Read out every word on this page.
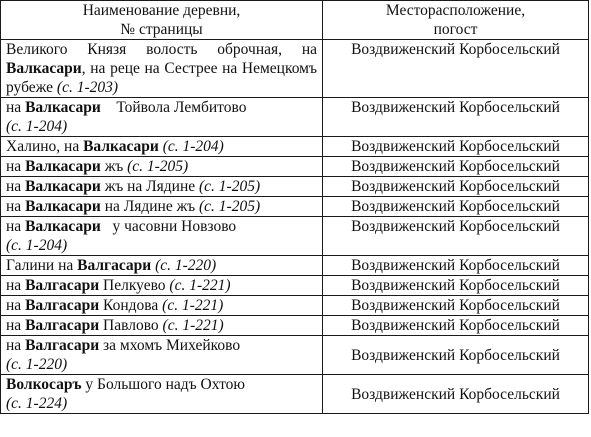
Наименование деревни,
№ страницы	Месторасположение,
погост
Великого Князя волость оброчная, на Валкасари, на реце на Сестрее на Немецкомъ рубеже (с. 1-203)	Воздвиженский Корбосельский

на Валкасари    Тойвола Лембитово
(с. 1-204)	Воздвиженский Корбосельский

Халино, на Валкасари (с. 1-204)	Воздвиженский Корбосельский

на Валкасари жъ (с. 1-205)	Воздвиженский Корбосельский

на Валкасари жъ на Лядине (с. 1-205)	Воздвиженский Корбосельский

на Валкасари на Лядине жъ (с. 1-205)	Воздвиженский Корбосельский

на Валкасари   у часовни Новзово
(с. 1-204)	Воздвиженский Корбосельский

Галини на Валгасари (с. 1-220)	Воздвиженский Корбосельский

на Валгасари Пелкуево (с. 1-221)	Воздвиженский Корбосельский

на Валгасари Кондова (с. 1-221)	Воздвиженский Корбосельский

на Валгасари Павлово (с. 1-221)	Воздвиженский Корбосельский

на Валгасари за мхомъ Михейково
(с. 1-220)	Воздвиженский Корбосельский

Волкосаръ у Большого надъ Охтою
(с. 1-224)	Воздвиженский Корбосельский
